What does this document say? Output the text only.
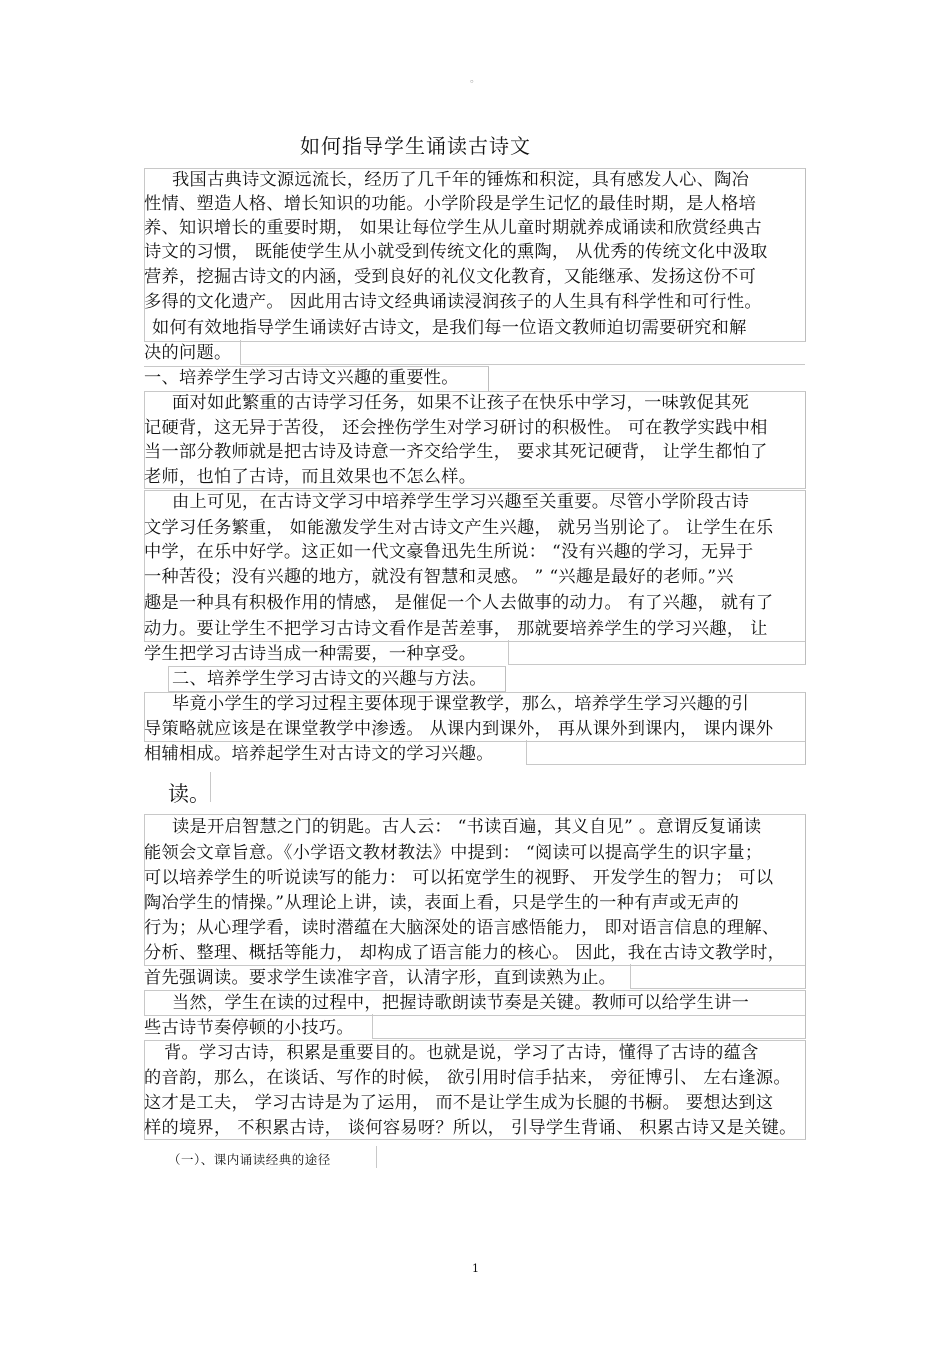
。
如何指导学生诵读古诗文
我国古典诗文源远流长，经历了几千年的锤炼和积淀，具有感发人心、陶冶
性情、塑造人格、增长知识的功能。小学阶段是学生记忆的最佳时期，是人格培
养、知识增长的重要时期， 如果让每位学生从儿童时期就养成诵读和欣赏经典古
诗文的习惯， 既能使学生从小就受到传统文化的熏陶， 从优秀的传统文化中汲取
营养，挖掘古诗文的内涵，受到良好的礼仪文化教育，又能继承、发扬这份不可
多得的文化遗产。 因此用古诗文经典诵读浸润孩子的人生具有科学性和可行性。
如何有效地指导学生诵读好古诗文，是我们每一位语文教师迫切需要研究和解
决的问题。
一、培养学生学习古诗文兴趣的重要性。
面对如此繁重的古诗学习任务，如果不让孩子在快乐中学习，一味敦促其死
记硬背，这无异于苦役， 还会挫伤学生对学习研讨的积极性。 可在教学实践中相
当一部分教师就是把古诗及诗意一齐交给学生， 要求其死记硬背， 让学生都怕了
老师，也怕了古诗，而且效果也不怎么样。
由上可见，在古诗文学习中培养学生学习兴趣至关重要。尽管小学阶段古诗
文学习任务繁重， 如能激发学生对古诗文产生兴趣， 就另当别论了。 让学生在乐
中学，在乐中好学。这正如一代文豪鲁迅先生所说： “没有兴趣的学习，无异于
一种苦役；没有兴趣的地方，就没有智慧和灵感。 ” “兴趣是最好的老师。”兴
趣是一种具有积极作用的情感， 是催促一个人去做事的动力。 有了兴趣， 就有了
动力。要让学生不把学习古诗文看作是苦差事， 那就要培养学生的学习兴趣， 让
学生把学习古诗当成一种需要，一种享受。
二、培养学生学习古诗文的兴趣与方法。
毕竟小学生的学习过程主要体现于课堂教学，那么，培养学生学习兴趣的引
导策略就应该是在课堂教学中渗透。 从课内到课外， 再从课外到课内， 课内课外
相辅相成。培养起学生对古诗文的学习兴趣。
读。
读是开启智慧之门的钥匙。古人云： “书读百遍，其义自见” 。意谓反复诵读
能领会文章旨意。《小学语文教材教法》中提到： “阅读可以提高学生的识字量；
可以培养学生的听说读写的能力： 可以拓宽学生的视野、 开发学生的智力； 可以
陶冶学生的情操。”从理论上讲，读，表面上看，只是学生的一种有声或无声的
行为；从心理学看，读时潜蕴在大脑深处的语言感悟能力， 即对语言信息的理解、
分析、整理、概括等能力， 却构成了语言能力的核心。 因此，我在古诗文教学时，
首先强调读。要求学生读准字音，认清字形，直到读熟为止。
当然，学生在读的过程中，把握诗歌朗读节奏是关键。教师可以给学生讲一
些古诗节奏停顿的小技巧。
背。学习古诗，积累是重要目的。也就是说，学习了古诗，懂得了古诗的蕴含
的音韵，那么，在谈话、写作的时候， 欲引用时信手拈来， 旁征博引、 左右逢源。
这才是工夫， 学习古诗是为了运用， 而不是让学生成为长腿的书橱。 要想达到这
样的境界， 不积累古诗， 谈何容易呀？所以， 引导学生背诵、 积累古诗又是关键。
（一）、课内诵读经典的途径
1
